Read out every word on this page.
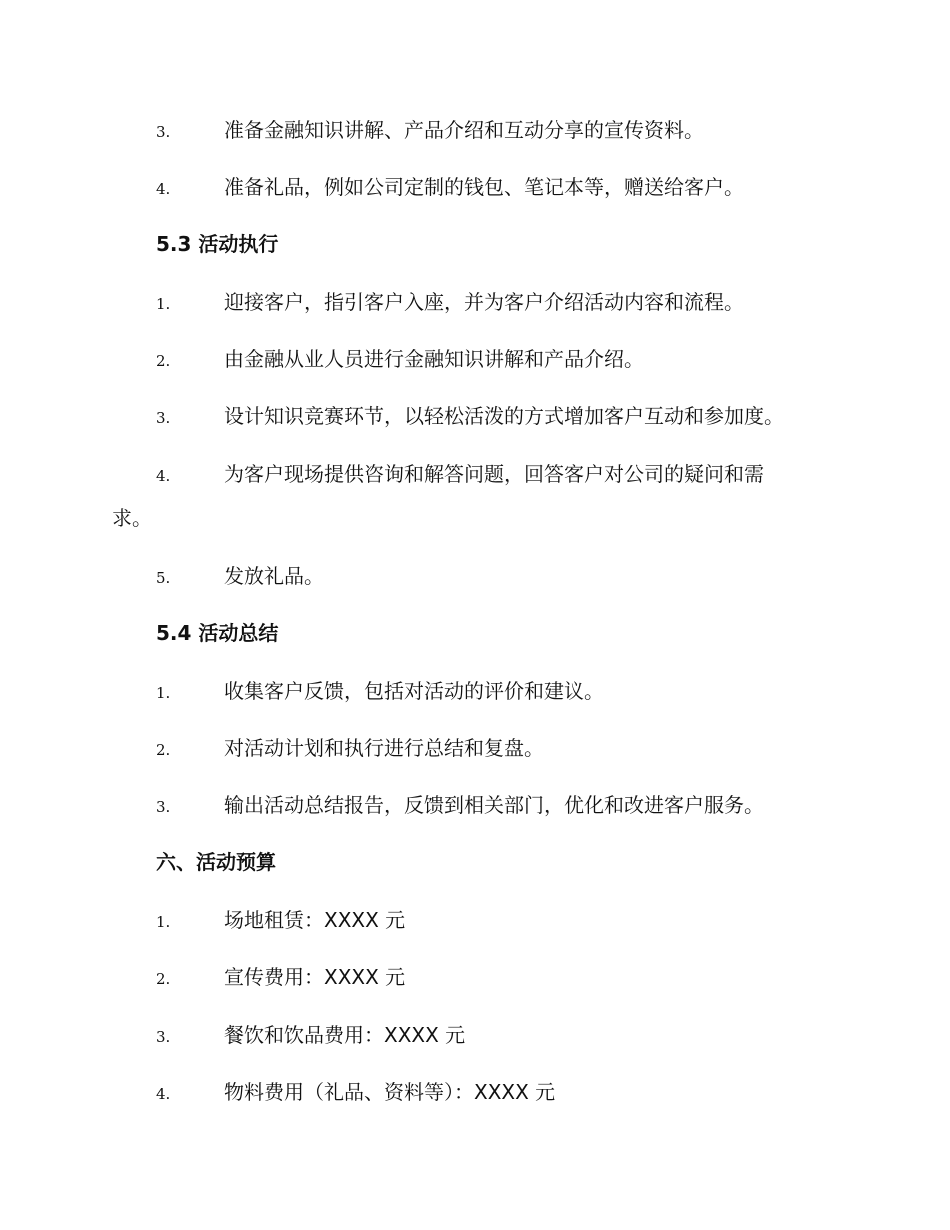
3.	准备金融知识讲解、产品介绍和互动分享的宣传资料。
4.	准备礼品，例如公司定制的钱包、笔记本等，赠送给客户。
5.3 活动执行
1.	迎接客户，指引客户入座，并为客户介绍活动内容和流程。
2.	由金融从业人员进行金融知识讲解和产品介绍。
3.	设计知识竞赛环节，以轻松活泼的方式增加客户互动和参加度。
4.	为客户现场提供咨询和解答问题，回答客户对公司的疑问和需
求。
5.	发放礼品。
5.4 活动总结
1.	收集客户反馈，包括对活动的评价和建议。
2.	对活动计划和执行进行总结和复盘。
3.	输出活动总结报告，反馈到相关部门，优化和改进客户服务。
六、活动预算
1.	场地租赁：XXXX 元
2.	宣传费用：XXXX 元
3.	餐饮和饮品费用：XXXX 元
4.	物料费用（礼品、资料等）：XXXX 元
